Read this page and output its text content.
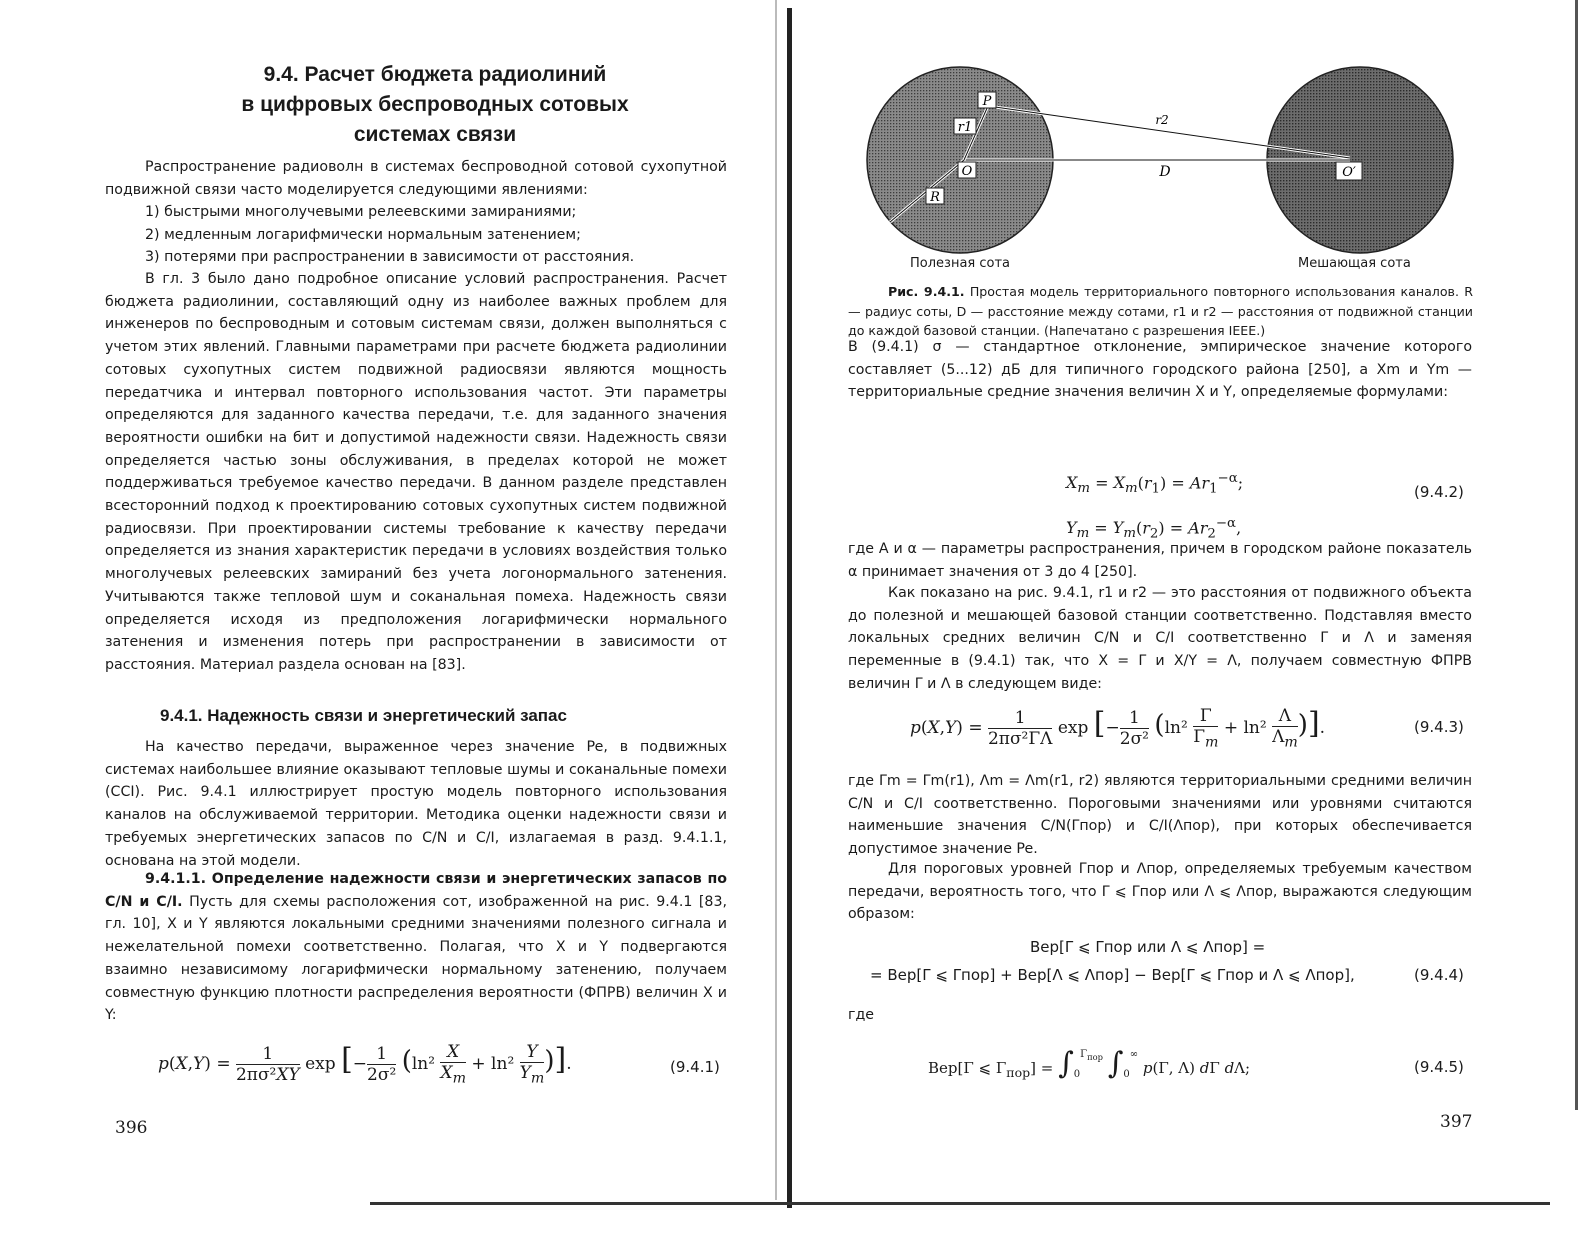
9.4. Расчет бюджета радиолиний
в цифровых беспроводных сотовых
системах связи

Распространение радиоволн в системах беспроводной сотовой сухопутной подвижной связи часто моделируется следующими явлениями:

1) быстрыми многолучевыми релеевскими замираниями;
2) медленным логарифмически нормальным затенением;
3) потерями при распространении в зависимости от расстояния.

В гл. 3 было дано подробное описание условий распространения. Расчет бюджета радиолинии, составляющий одну из наиболее важных проблем для инженеров по беспроводным и сотовым системам связи, должен выполняться с учетом этих явлений. Главными параметрами при расчете бюджета радиолинии сотовых сухопутных систем подвижной радиосвязи являются мощность передатчика и интервал повторного использования частот. Эти параметры определяются для заданного качества передачи, т.е. для заданного значения вероятности ошибки на бит и допустимой надежности связи. Надежность связи определяется частью зоны обслуживания, в пределах которой не может поддерживаться требуемое качество передачи. В данном разделе представлен всесторонний подход к проектированию сотовых сухопутных систем подвижной радиосвязи. При проектировании системы требование к качеству передачи определяется из знания характеристик передачи в условиях воздействия только многолучевых релеевских замираний без учета логонормального затенения. Учитываются также тепловой шум и соканальная помеха. Надежность связи определяется исходя из предположения логарифмически нормального затенения и изменения потерь при распространении в зависимости от расстояния. Материал раздела основан на [83].

9.4.1. Надежность связи и энергетический запас

На качество передачи, выраженное через значение Pe, в подвижных системах наибольшее влияние оказывают тепловые шумы и соканальные помехи (CCI). Рис. 9.4.1 иллюстрирует простую модель повторного использования каналов на обслуживаемой территории. Методика оценки надежности связи и требуемых энергетических запасов по C/N и C/I, излагаемая в разд. 9.4.1.1, основана на этой модели.

9.4.1.1. Определение надежности связи и энергетических запасов по C/N и C/I. Пусть для схемы расположения сот, изображенной на рис. 9.4.1 [83, гл. 10], X и Y являются локальными средними значениями полезного сигнала и нежелательной помехи соответственно. Полагая, что X и Y подвергаются взаимно независимому логарифмически нормальному затенению, получаем совместную функцию плотности распределения вероятности (ФПРВ) величин X и Y:

$p(X,Y) = \frac{1}{\text{2πσ²XY}}$ exp [− $\frac{1}{\text{2σ²}} (\ln^2 \frac{X}{X_m} + \ln^2 \frac{Y}{Y_m}$ )].	(9.4.1)
396
P
r1
O
R
O′
r2
D
Полезная сота	Мешающая сота

Рис. 9.4.1. Простая модель территориального повторного использования каналов. R — радиус соты, D — расстояние между сотами, r1 и r2 — расстояния от подвижной станции до каждой базовой станции. (Напечатано с разрешения IEEE.)

В (9.4.1) σ — стандартное отклонение, эмпирическое значение которого составляет (5...12) дБ для типичного городского района [250], а Xm и Ym — территориальные средние значения величин X и Y, определяемые формулами:

$X_m = X_m(r_1) = Ar_1^{-\alpha}$;
$Y_m = Y_m(r_2) = Ar_2^{-\alpha}$,
(9.4.2)

где A и α — параметры распространения, причем в городском районе показатель α принимает значения от 3 до 4 [250].

Как показано на рис. 9.4.1, r1 и r2 — это расстояния от подвижного объекта до полезной и мешающей базовой станции соответственно. Подставляя вместо локальных средних величин C/N и C/I соответственно Γ и Λ и заменяя переменные в (9.4.1) так, что X = Γ и X/Y = Λ, получаем совместную ФПРВ величин Γ и Λ в следующем виде:

$p(X,Y) = \frac{1}{\text{2πσ²ΓΛ}}$ exp [− $\frac{1}{\text{2σ²}} (\ln^2 \frac{\Gamma}{\Gamma_m} + \ln^2 \frac{\Lambda}{\Lambda_m}$ )].	(9.4.3)

где Γm = Γm(r1), Λm = Λm(r1, r2) являются территориальными средними величин C/N и C/I соответственно. Пороговыми значениями или уровнями считаются наименьшие значения C/N(Γпор) и C/I(Λпор), при которых обеспечивается допустимое значение Pe.

Для пороговых уровней Γпор и Λпор, определяемых требуемым качеством передачи, вероятность того, что Γ ⩽ Γпор или Λ ⩽ Λпор, выражаются следующим образом:

Вер[Γ ⩽ Γпор или Λ ⩽ Λпор] =
= Вер[Γ ⩽ Γпор] + Вер[Λ ⩽ Λпор] − Вер[Γ ⩽ Γпор и Λ ⩽ Λпор],	(9.4.4)
где
Вер[Γ ⩽ $\Gamma_{пор}] = \int_0^{\Gamma_{пор}}$ $\int_0^\infty$ p(Γ, Λ) dΓ dΛ;	(9.4.5)
397
